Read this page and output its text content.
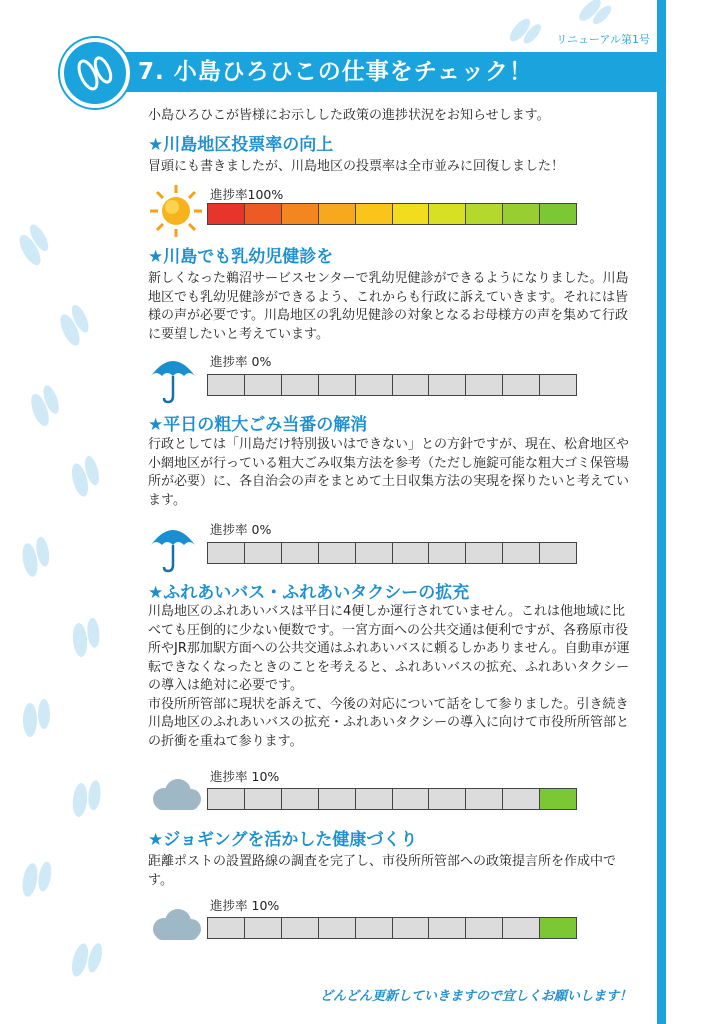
リニューアル第1号
7. 小島ひろひこの仕事をチェック！
小島ひろひこが皆様にお示しした政策の進捗状況をお知らせします。
★川島地区投票率の向上

冒頭にも書きましたが、川島地区の投票率は全市並みに回復しました！

進捗率100%
★川島でも乳幼児健診を

新しくなった鵜沼サービスセンターで乳幼児健診ができるようになりました。川島地区でも乳幼児健診ができるよう、これからも行政に訴えていきます。それには皆様の声が必要です。川島地区の乳幼児健診の対象となるお母様方の声を集めて行政に要望したいと考えています。

進捗率 0%
★平日の粗大ごみ当番の解消

行政としては「川島だけ特別扱いはできない」との方針ですが、現在、松倉地区や小網地区が行っている粗大ごみ収集方法を参考（ただし施錠可能な粗大ゴミ保管場所が必要）に、各自治会の声をまとめて土日収集方法の実現を探りたいと考えています。

進捗率 0%
★ふれあいバス・ふれあいタクシーの拡充

川島地区のふれあいバスは平日に4便しか運行されていません。これは他地域に比べても圧倒的に少ない便数です。一宮方面への公共交通は便利ですが、各務原市役所やJR那加駅方面への公共交通はふれあいバスに頼るしかありません。自動車が運転できなくなったときのことを考えると、ふれあいバスの拡充、ふれあいタクシーの導入は絶対に必要です。

市役所所管部に現状を訴えて、今後の対応について話をして参りました。引き続き川島地区のふれあいバスの拡充・ふれあいタクシーの導入に向けて市役所所管部との折衝を重ねて参ります。

進捗率 10%
★ジョギングを活かした健康づくり

距離ポストの設置路線の調査を完了し、市役所所管部への政策提言所を作成中です。

進捗率 10%
どんどん更新していきますので宜しくお願いします！
